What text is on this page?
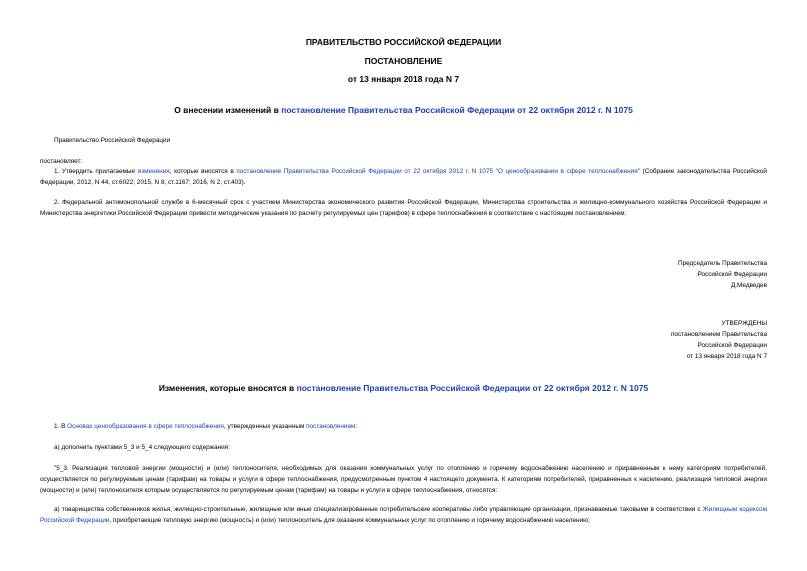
ПРАВИТЕЛЬСТВО РОССИЙСКОЙ ФЕДЕРАЦИИ
ПОСТАНОВЛЕНИЕ
от 13 января 2018 года N 7
О внесении изменений в постановление Правительства Российской Федерации от 22 октября 2012 г. N 1075
Правительство Российской Федерации
постановляет:
1. Утвердить прилагаемые изменения, которые вносятся в постановление Правительства Российской Федерации от 22 октября 2012 г. N 1075 "О ценообразовании в сфере теплоснабжения" (Собрание законодательства Российской Федерации, 2012, N 44, ст.6022; 2015, N 8, ст.1167; 2016, N 2, ст.403).
2. Федеральной антимонопольной службе в 6-месячный срок с участием Министерства экономического развития Российской Федерации, Министерства строительства и жилищно-коммунального хозяйства Российской Федерации и Министерства энергетики Российской Федерации привести методические указания по расчету регулируемых цен (тарифов) в сфере теплоснабжения в соответствие с настоящим постановлением.
Председатель Правительства
Российской Федерации
Д.Медведев
УТВЕРЖДЕНЫ
постановлением Правительства
Российской Федерации
от 13 января 2018 года N 7
Изменения, которые вносятся в постановление Правительства Российской Федерации от 22 октября 2012 г. N 1075
1. В Основах ценообразования в сфере теплоснабжения, утвержденных указанным постановлением:
а) дополнить пунктами 5_3 и 5_4 следующего содержания:
"5_3. Реализация тепловой энергии (мощности) и (или) теплоносителя, необходимых для оказания коммунальных услуг по отоплению и горячему водоснабжению населению и приравненным к нему категориям потребителей, осуществляется по регулируемым ценам (тарифам) на товары и услуги в сфере теплоснабжения, предусмотренным пунктом 4 настоящего документа. К категориям потребителей, приравненных к населению, реализация тепловой энергии (мощности) и (или) теплоносителя которым осуществляется по регулируемым ценам (тарифам) на товары и услуги в сфере теплоснабжения, относятся:
а) товарищества собственников жилья, жилищно-строительные, жилищные или иные специализированные потребительские кооперативы либо управляющие организации, признаваемые таковыми в соответствии с Жилищным кодексом Российской Федерации, приобретающие тепловую энергию (мощность) и (или) теплоноситель для оказания коммунальных услуг по отоплению и горячему водоснабжению населению;
